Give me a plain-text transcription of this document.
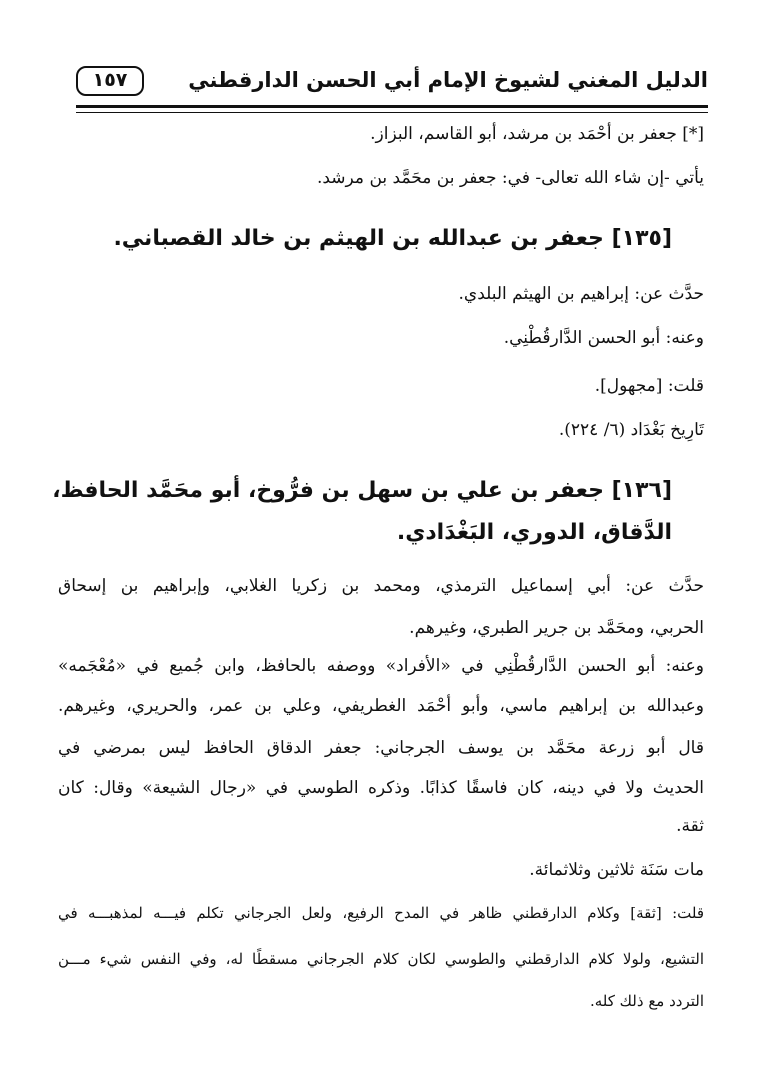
الدليل المغني لشيوخ الإمام أبي الحسن الدارقطني
١٥٧
[*] جعفر بن أحْمَد بن مرشد، أبو القاسم، البزاز.
يأتي -إن شاء الله تعالى- في: جعفر بن محَمَّد بن مرشد.
[١٣٥] جعفر بن عبدالله بن الهيثم بن خالد القصباني.
حدَّث عن: إبراهيم بن الهيثم البلدي.
وعنه: أبو الحسن الدَّارقُطْنِي.
قلت: [مجهول].
تَارِيخ بَغْدَاد (٦/ ٢٢٤).
[١٣٦] جعفر بن علي بن سهل بن فرُّوخ، أبو محَمَّد الحافظ،
الدَّقاق، الدوري، البَغْدَادي.
حدَّث عن: أبي إسماعيل الترمذي، ومحمد بن زكريا الغلابي، وإبراهيم بن إسحاق
الحربي، ومحَمَّد بن جرير الطبري، وغيرهم.
وعنه: أبو الحسن الدَّارقُطْنِي في «الأفراد» ووصفه بالحافظ، وابن جُميع في «مُعْجَمه»
وعبدالله بن إبراهيم ماسي، وأبو أحْمَد الغطريفي، وعلي بن عمر، والحريري، وغيرهم.
قال أبو زرعة محَمَّد بن يوسف الجرجاني: جعفر الدقاق الحافظ ليس بمرضي في
الحديث ولا في دينه، كان فاسقًا كذابًا. وذكره الطوسي في «رجال الشيعة» وقال: كان
ثقة.
مات سَنَة ثلاثين وثلاثمائة.
قلت: [ثقة] وكلام الدارقطني ظاهر في المدح الرفيع، ولعل الجرجاني تكلم فيـــه لمذهبـــه في
التشيع، ولولا كلام الدارقطني والطوسي لكان كلام الجرجاني مسقطًا له، وفي النفس شيء مـــن
التردد مع ذلك كله.
